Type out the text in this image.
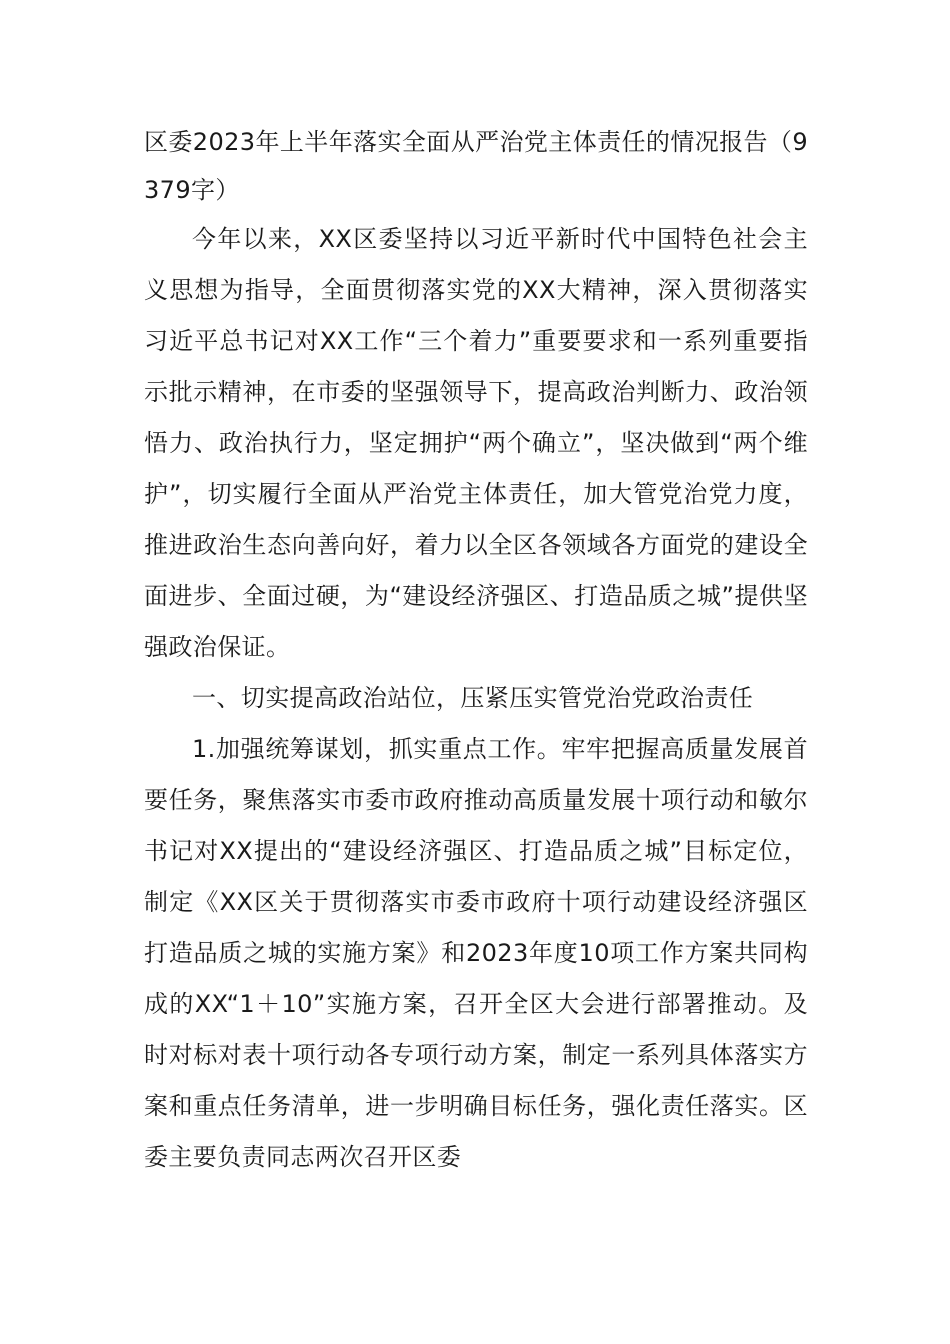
区委2023年上半年落实全面从严治党主体责任的情况报告（9379字）

今年以来，XX区委坚持以习近平新时代中国特色社会主义思想为指导，全面贯彻落实党的XX大精神，深入贯彻落实习近平总书记对XX工作“三个着力”重要要求和一系列重要指示批示精神，在市委的坚强领导下，提高政治判断力、政治领悟力、政治执行力，坚定拥护“两个确立”，坚决做到“两个维护”，切实履行全面从严治党主体责任，加大管党治党力度，推进政治生态向善向好，着力以全区各领域各方面党的建设全面进步、全面过硬，为“建设经济强区、打造品质之城”提供坚强政治保证。

一、切实提高政治站位，压紧压实管党治党政治责任

1.加强统筹谋划，抓实重点工作。牢牢把握高质量发展首要任务，聚焦落实市委市政府推动高质量发展十项行动和敏尔书记对XX提出的“建设经济强区、打造品质之城”目标定位，制定《XX区关于贯彻落实市委市政府十项行动建设经济强区打造品质之城的实施方案》和2023年度10项工作方案共同构成的XX“1＋10”实施方案，召开全区大会进行部署推动。及时对标对表十项行动各专项行动方案，制定一系列具体落实方案和重点任务清单，进一步明确目标任务，强化责任落实。区委主要负责同志两次召开区委
